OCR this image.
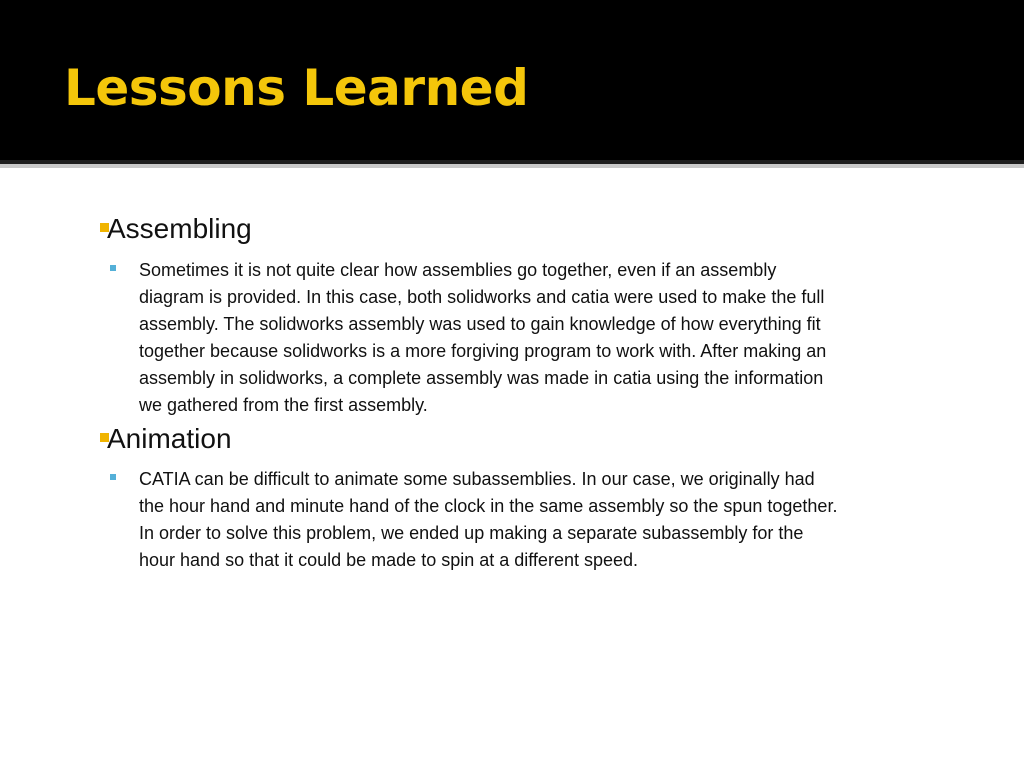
Lessons Learned
Assembling
Sometimes it is not quite clear how assemblies go together, even if an assembly
diagram is provided. In this case, both solidworks and catia were used to make the full
assembly. The solidworks assembly was used to gain knowledge of how everything fit
together because solidworks is a more forgiving program to work with. After making an
assembly in solidworks, a complete assembly was made in catia using the information
we gathered from the first assembly.
Animation
CATIA can be difficult to animate some subassemblies. In our case, we originally had
the hour hand and minute hand of the clock in the same assembly so the spun together.
In order to solve this problem, we ended up making a separate subassembly for the
hour hand so that it could be made to spin at a different speed.
